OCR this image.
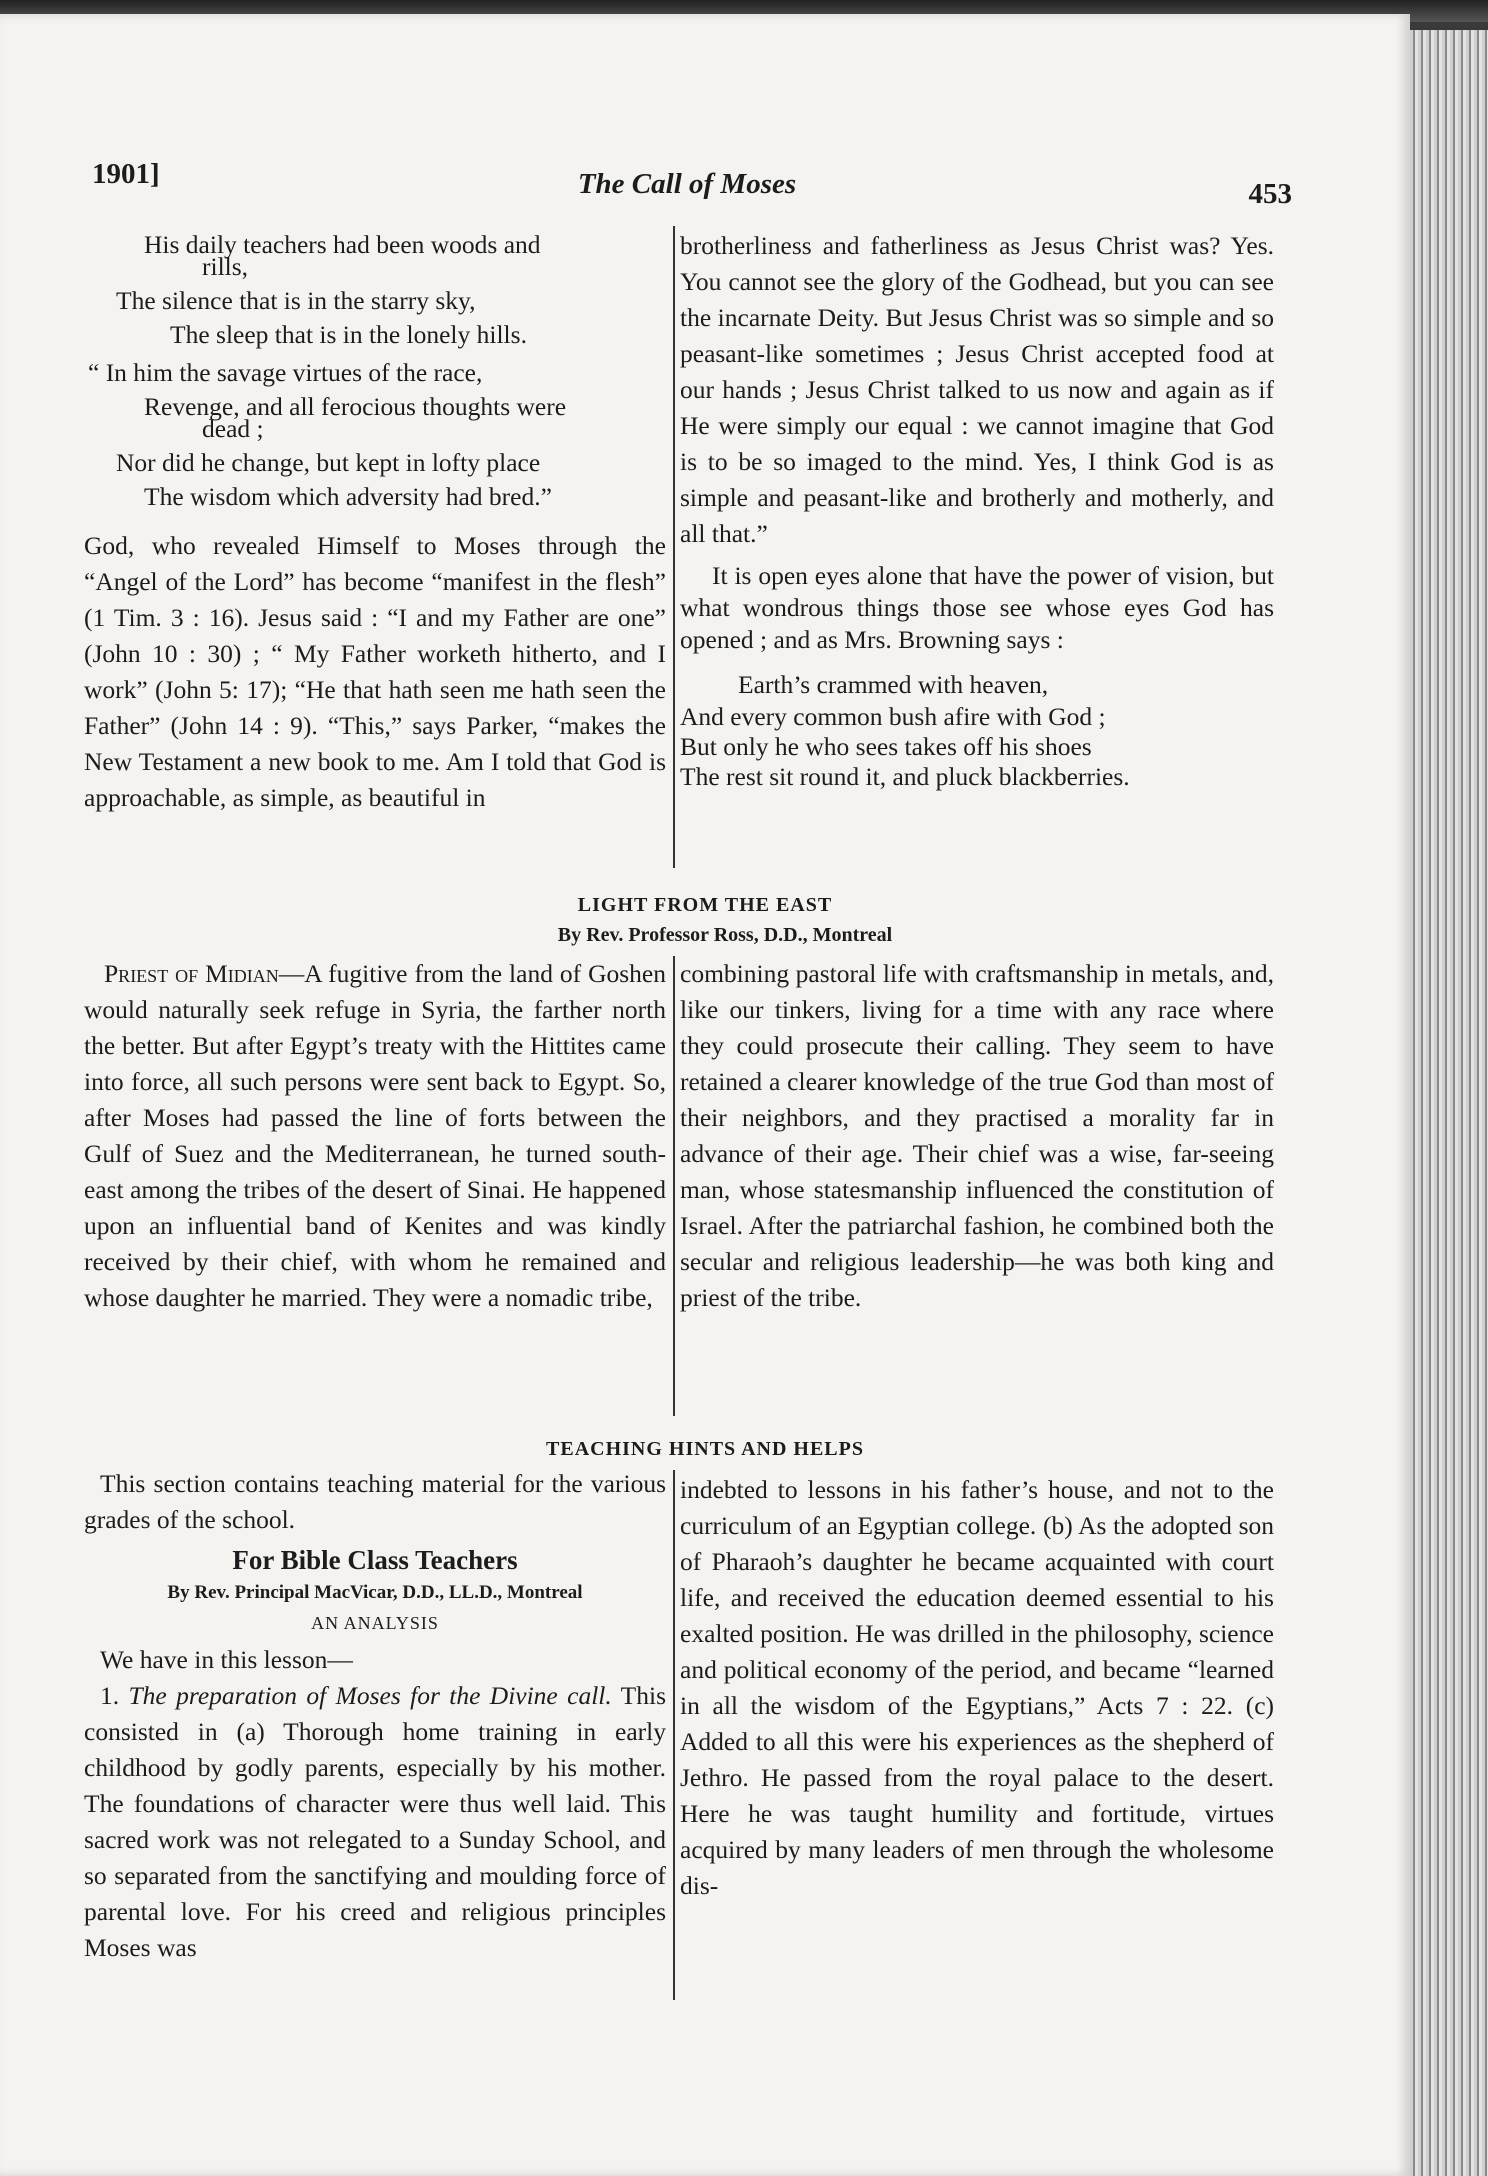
1901]	The Call of Moses	453
His daily teachers had been woods and
rills,
The silence that is in the starry sky,
The sleep that is in the lonely hills.
“ In him the savage virtues of the race,
Revenge, and all ferocious thoughts were
dead ;
Nor did he change, but kept in lofty place
The wisdom which adversity had bred.”

God, who revealed Himself to Moses through the “Angel of the Lord” has become “manifest in the flesh” (1 Tim. 3 : 16). Jesus said : “I and my Father are one” (John 10 : 30) ; “ My Father worketh hitherto, and I work” (John 5: 17); “He that hath seen me hath seen the Father” (John 14 : 9). “This,” says Parker, “makes the New Testament a new book to me. Am I told that God is approachable, as simple, as beautiful in

brotherliness and fatherliness as Jesus Christ was? Yes. You cannot see the glory of the Godhead, but you can see the incarnate Deity. But Jesus Christ was so simple and so peasant-like sometimes ; Jesus Christ accepted food at our hands ; Jesus Christ talked to us now and again as if He were simply our equal : we cannot imagine that God is to be so imaged to the mind. Yes, I think God is as simple and peasant-like and brotherly and motherly, and all that.”

It is open eyes alone that have the power of vision, but what wondrous things those see whose eyes God has opened ; and as Mrs. Browning says :

Earth’s crammed with heaven,
And every common bush afire with God ;
But only he who sees takes off his shoes
The rest sit round it, and pluck blackberries.
LIGHT FROM THE EAST
By Rev. Professor Ross, D.D., Montreal

Priest of Midian—A fugitive from the land of Goshen would naturally seek refuge in Syria, the farther north the better. But after Egypt’s treaty with the Hittites came into force, all such persons were sent back to Egypt. So, after Moses had passed the line of forts between the Gulf of Suez and the Mediterranean, he turned south-east among the tribes of the desert of Sinai. He happened upon an influential band of Kenites and was kindly received by their chief, with whom he remained and whose daughter he married. They were a nomadic tribe,

combining pastoral life with craftsmanship in metals, and, like our tinkers, living for a time with any race where they could prosecute their calling. They seem to have retained a clearer knowledge of the true God than most of their neighbors, and they practised a morality far in advance of their age. Their chief was a wise, far-seeing man, whose statesmanship influenced the constitution of Israel. After the patriarchal fashion, he combined both the secular and religious leadership—he was both king and priest of the tribe.

TEACHING HINTS AND HELPS

This section contains teaching material for the various grades of the school.

For Bible Class Teachers
By Rev. Principal MacVicar, D.D., LL.D., Montreal
AN ANALYSIS

We have in this lesson—

1. The preparation of Moses for the Divine call. This consisted in (a) Thorough home training in early childhood by godly parents, especially by his mother. The foundations of character were thus well laid. This sacred work was not relegated to a Sunday School, and so separated from the sanctifying and moulding force of parental love. For his creed and religious principles Moses was

indebted to lessons in his father’s house, and not to the curriculum of an Egyptian college. (b) As the adopted son of Pharaoh’s daughter he became acquainted with court life, and received the education deemed essential to his exalted position. He was drilled in the philosophy, science and political economy of the period, and became “learned in all the wisdom of the Egyptians,” Acts 7 : 22. (c) Added to all this were his experiences as the shepherd of Jethro. He passed from the royal palace to the desert. Here he was taught humility and fortitude, virtues acquired by many leaders of men through the wholesome dis-
